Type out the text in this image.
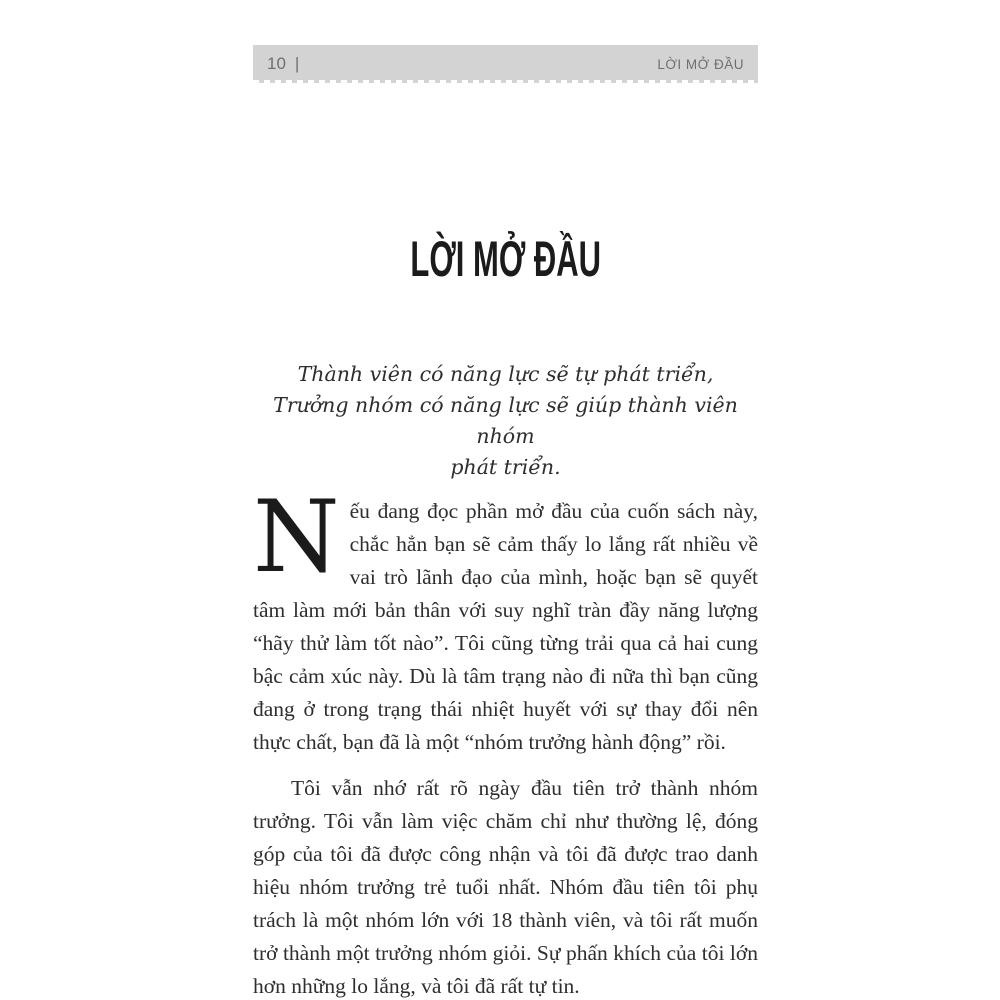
10 |	LỜI MỞ ĐẦU
LỜI MỞ ĐẦU
Thành viên có năng lực sẽ tự phát triển,
Trưởng nhóm có năng lực sẽ giúp thành viên nhóm
phát triển.

Nếu đang đọc phần mở đầu của cuốn sách này, chắc hẳn bạn sẽ cảm thấy lo lắng rất nhiều về vai trò lãnh đạo của mình, hoặc bạn sẽ quyết tâm làm mới bản thân với suy nghĩ tràn đầy năng lượng “hãy thử làm tốt nào”. Tôi cũng từng trải qua cả hai cung bậc cảm xúc này. Dù là tâm trạng nào đi nữa thì bạn cũng đang ở trong trạng thái nhiệt huyết với sự thay đổi nên thực chất, bạn đã là một “nhóm trưởng hành động” rồi.

Tôi vẫn nhớ rất rõ ngày đầu tiên trở thành nhóm trưởng. Tôi vẫn làm việc chăm chỉ như thường lệ, đóng góp của tôi đã được công nhận và tôi đã được trao danh hiệu nhóm trưởng trẻ tuổi nhất. Nhóm đầu tiên tôi phụ trách là một nhóm lớn với 18 thành viên, và tôi rất muốn trở thành một trưởng nhóm giỏi. Sự phấn khích của tôi lớn hơn những lo lắng, và tôi đã rất tự tin.
